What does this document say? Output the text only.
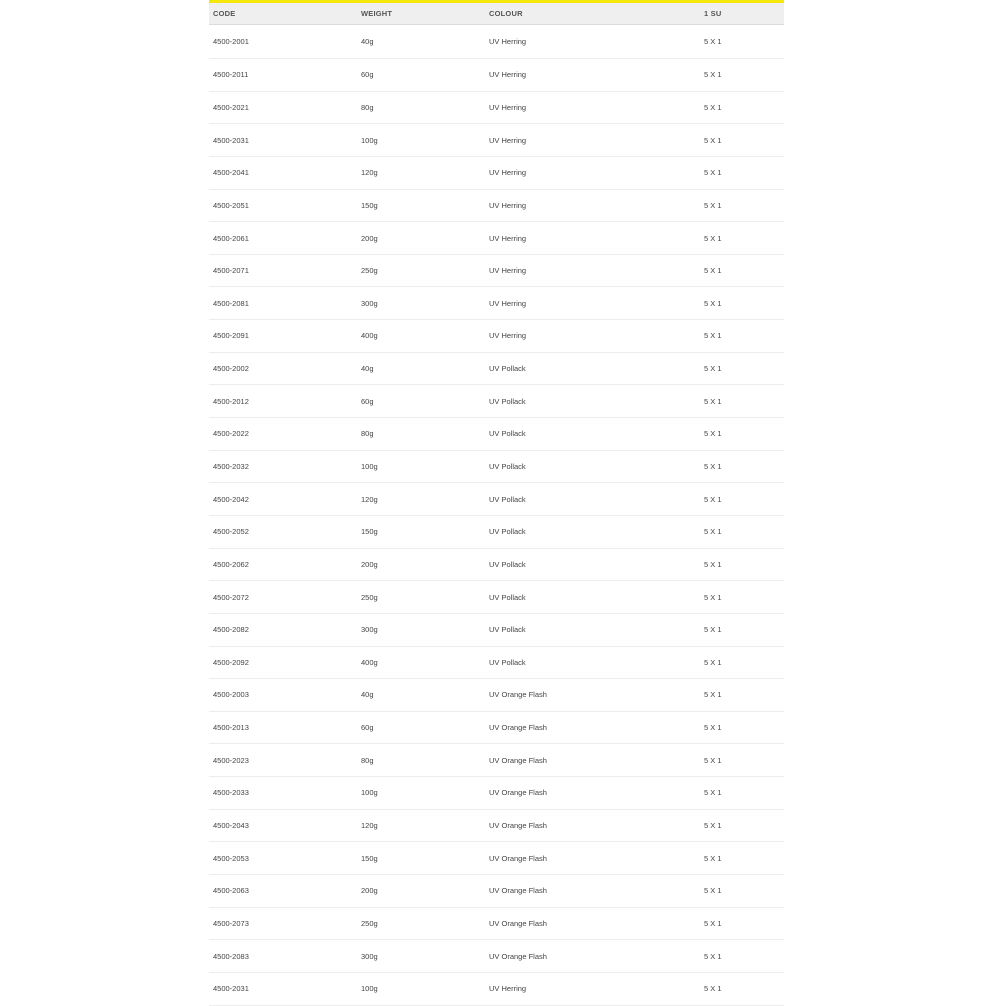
CODE	WEIGHT	COLOUR	1 SU
4500-2001	40g	UV Herring	5 X 1
4500-2011	60g	UV Herring	5 X 1
4500-2021	80g	UV Herring	5 X 1
4500-2031	100g	UV Herring	5 X 1
4500-2041	120g	UV Herring	5 X 1
4500-2051	150g	UV Herring	5 X 1
4500-2061	200g	UV Herring	5 X 1
4500-2071	250g	UV Herring	5 X 1
4500-2081	300g	UV Herring	5 X 1
4500-2091	400g	UV Herring	5 X 1
4500-2002	40g	UV Pollack	5 X 1
4500-2012	60g	UV Pollack	5 X 1
4500-2022	80g	UV Pollack	5 X 1
4500-2032	100g	UV Pollack	5 X 1
4500-2042	120g	UV Pollack	5 X 1
4500-2052	150g	UV Pollack	5 X 1
4500-2062	200g	UV Pollack	5 X 1
4500-2072	250g	UV Pollack	5 X 1
4500-2082	300g	UV Pollack	5 X 1
4500-2092	400g	UV Pollack	5 X 1
4500-2003	40g	UV Orange Flash	5 X 1
4500-2013	60g	UV Orange Flash	5 X 1
4500-2023	80g	UV Orange Flash	5 X 1
4500-2033	100g	UV Orange Flash	5 X 1
4500-2043	120g	UV Orange Flash	5 X 1
4500-2053	150g	UV Orange Flash	5 X 1
4500-2063	200g	UV Orange Flash	5 X 1
4500-2073	250g	UV Orange Flash	5 X 1
4500-2083	300g	UV Orange Flash	5 X 1
4500-2031	100g	UV Herring	5 X 1
